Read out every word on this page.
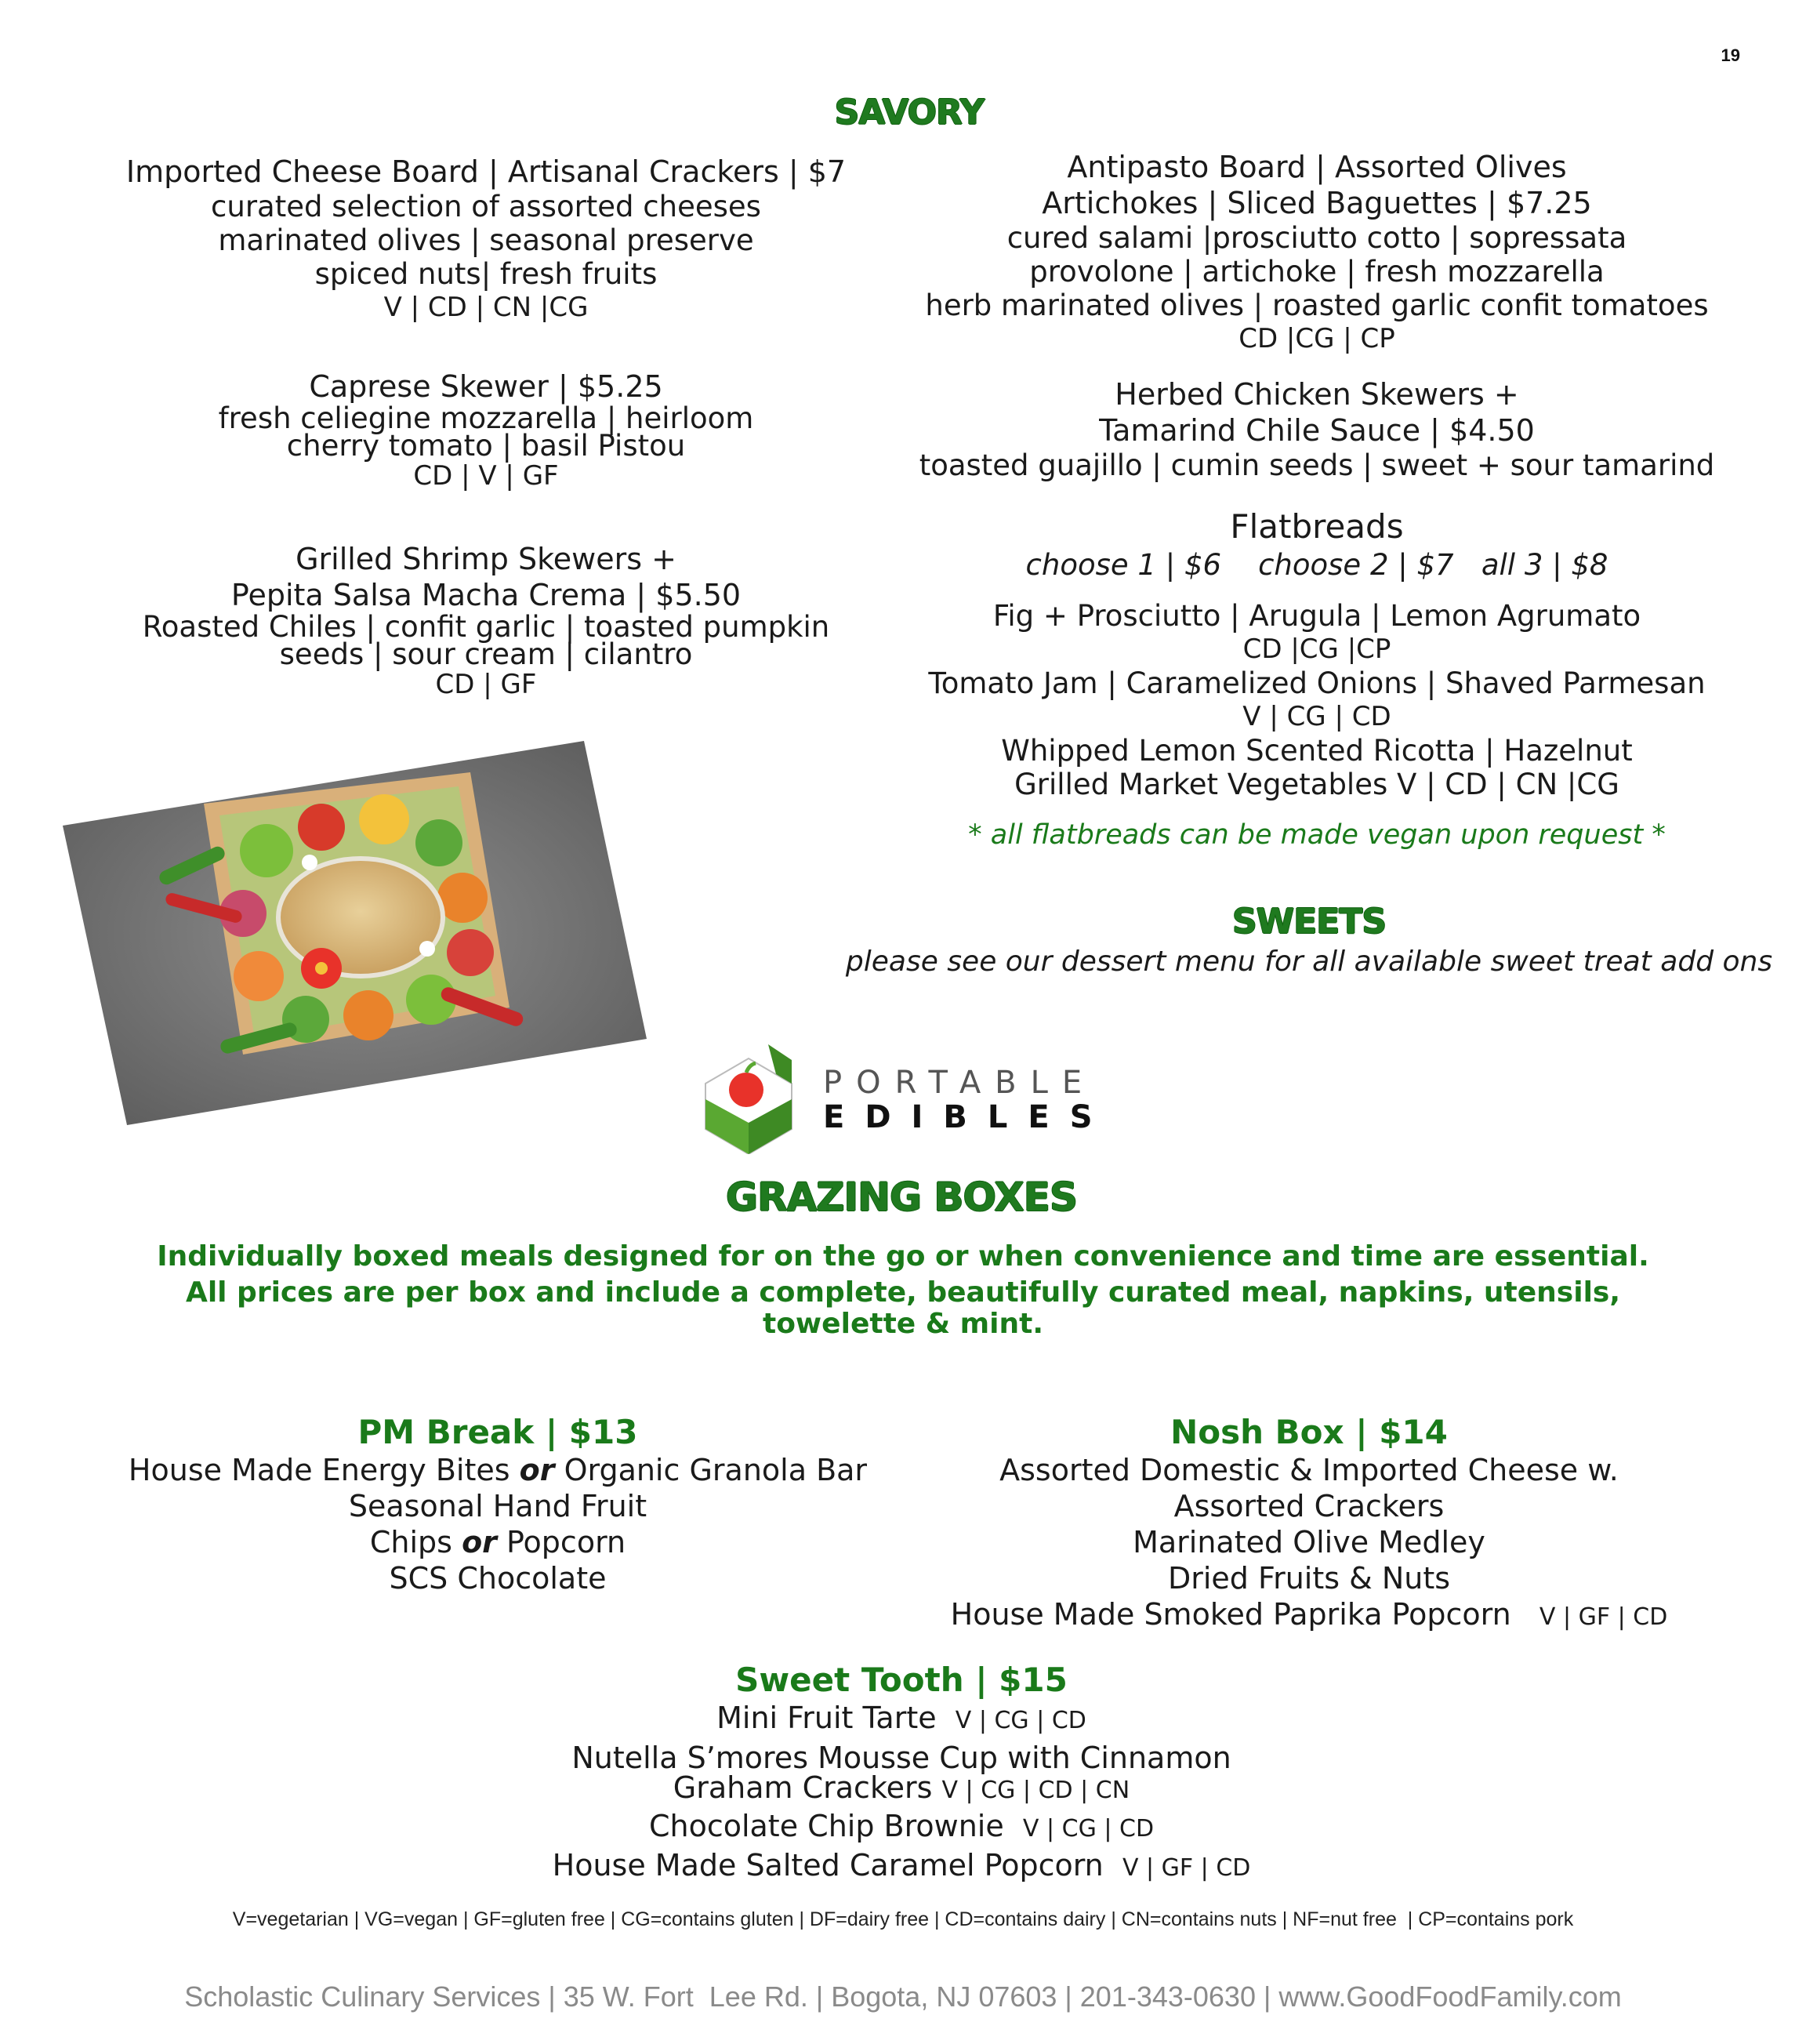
19
SAVORY
Imported Cheese Board | Artisanal Crackers | $7
curated selection of assorted cheeses
marinated olives | seasonal preserve
spiced nuts| fresh fruits
V | CD | CN |CG
Caprese Skewer | $5.25
fresh celiegine mozzarella | heirloom
cherry tomato | basil Pistou
CD | V | GF
Grilled Shrimp Skewers +
Pepita Salsa Macha Crema | $5.50
Roasted Chiles | confit garlic | toasted pumpkin
seeds | sour cream | cilantro
CD | GF
Antipasto Board | Assorted Olives
Artichokes | Sliced Baguettes | $7.25
cured salami |prosciutto cotto | sopressata
provolone | artichoke | fresh mozzarella
herb marinated olives | roasted garlic confit tomatoes
CD |CG | CP
Herbed Chicken Skewers +
Tamarind Chile Sauce | $4.50
toasted guajillo | cumin seeds | sweet + sour tamarind
Flatbreads
choose 1 | $6    choose 2 | $7   all 3 | $8
Fig + Prosciutto | Arugula | Lemon Agrumato
CD |CG |CP
Tomato Jam | Caramelized Onions | Shaved Parmesan
V | CG | CD
Whipped Lemon Scented Ricotta | Hazelnut
Grilled Market Vegetables V | CD | CN |CG
* all flatbreads can be made vegan upon request *
SWEETS
please see our dessert menu for all available sweet treat add ons
PORTABLE
EDIBLES
GRAZING BOXES
Individually boxed meals designed for on the go or when convenience and time are essential.
All prices are per box and include a complete, beautifully curated meal, napkins, utensils,
towelette & mint.
PM Break | $13
House Made Energy Bites or Organic Granola Bar
Seasonal Hand Fruit
Chips or Popcorn
SCS Chocolate
Nosh Box | $14
Assorted Domestic & Imported Cheese w.
Assorted Crackers
Marinated Olive Medley
Dried Fruits & Nuts
House Made Smoked Paprika Popcorn V | GF | CD
Sweet Tooth | $15
Mini Fruit Tarte V | CG | CD
Nutella S’mores Mousse Cup with Cinnamon
Graham Crackers V | CG | CD | CN
Chocolate Chip Brownie V | CG | CD
House Made Salted Caramel Popcorn V | GF | CD
V=vegetarian | VG=vegan | GF=gluten free | CG=contains gluten | DF=dairy free | CD=contains dairy | CN=contains nuts | NF=nut free  | CP=contains pork
Scholastic Culinary Services | 35 W. Fort  Lee Rd. | Bogota, NJ 07603 | 201-343-0630 | www.GoodFoodFamily.com
